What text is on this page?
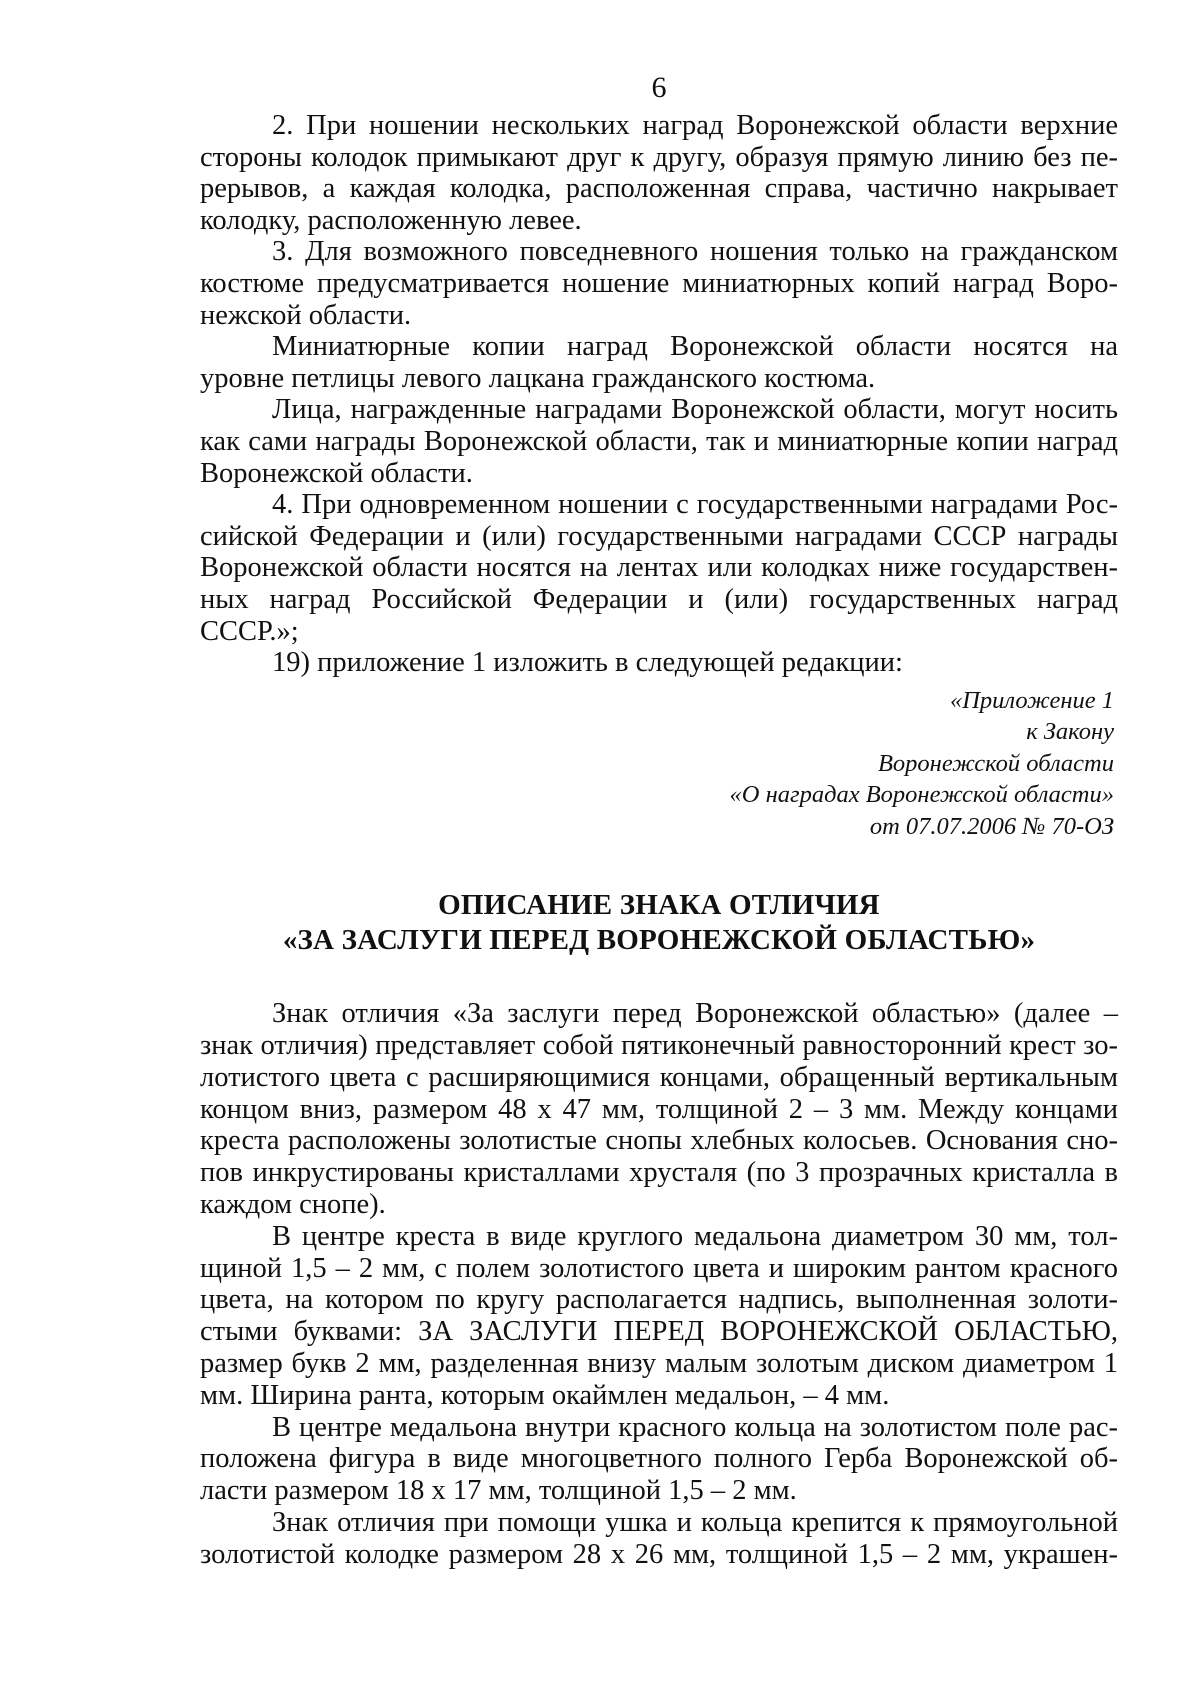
6

2. При ношении нескольких наград Воронежской области верхние стороны колодок примыкают друг к другу, образуя прямую линию без перерывов, а каждая колодка, расположенная справа, частично накрывает колодку, расположенную левее.

3. Для возможного повседневного ношения только на гражданском костюме предусматривается ношение миниатюрных копий наград Воронежской области.

Миниатюрные копии наград Воронежской области носятся на уровне петлицы левого лацкана гражданского костюма.

Лица, награжденные наградами Воронежской области, могут носить как сами награды Воронежской области, так и миниатюрные копии наград Воронежской области.

4. При одновременном ношении с государственными наградами Российской Федерации и (или) государственными наградами СССР награды Воронежской области носятся на лентах или колодках ниже государственных наград Российской Федерации и (или) государственных наград СССР.»;

19) приложение 1 изложить в следующей редакции:

«Приложение 1
к Закону
Воронежской области
«О наградах Воронежской области»
от 07.07.2006 № 70-ОЗ
ОПИСАНИЕ ЗНАКА ОТЛИЧИЯ
«ЗА ЗАСЛУГИ ПЕРЕД ВОРОНЕЖСКОЙ ОБЛАСТЬЮ»

Знак отличия «За заслуги перед Воронежской областью» (далее – знак отличия) представляет собой пятиконечный равносторонний крест золотистого цвета с расширяющимися концами, обращенный вертикальным концом вниз, размером 48 х 47 мм, толщиной 2 – 3 мм. Между концами креста расположены золотистые снопы хлебных колосьев. Основания снопов инкрустированы кристаллами хрусталя (по 3 прозрачных кристалла в каждом снопе).

В центре креста в виде круглого медальона диаметром 30 мм, толщиной 1,5 – 2 мм, с полем золотистого цвета и широким рантом красного цвета, на котором по кругу располагается надпись, выполненная золотистыми буквами: ЗА ЗАСЛУГИ ПЕРЕД ВОРОНЕЖСКОЙ ОБЛАСТЬЮ, размер букв 2 мм, разделенная внизу малым золотым диском диаметром 1 мм. Ширина ранта, которым окаймлен медальон, – 4 мм.

В центре медальона внутри красного кольца на золотистом поле расположена фигура в виде многоцветного полного Герба Воронежской области размером 18 х 17 мм, толщиной 1,5 – 2 мм.

Знак отличия при помощи ушка и кольца крепится к прямоугольной золотистой колодке размером 28 х 26 мм, толщиной 1,5 – 2 мм, украшен-
